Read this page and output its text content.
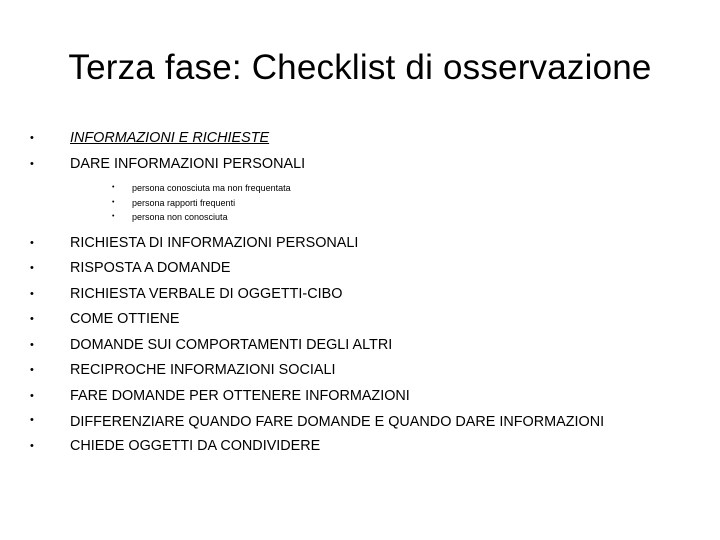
Terza fase: Checklist di osservazione
•	INFORMAZIONI E RICHIESTE
•	DARE INFORMAZIONI PERSONALI
• persona conosciuta ma non frequentata
• persona rapporti frequenti
• persona non conosciuta
•	RICHIESTA DI INFORMAZIONI PERSONALI
•	RISPOSTA A DOMANDE
•	RICHIESTA VERBALE DI OGGETTI-CIBO
•	COME OTTIENE
•	DOMANDE SUI COMPORTAMENTI DEGLI ALTRI
•	RECIPROCHE INFORMAZIONI SOCIALI
•	FARE DOMANDE PER OTTENERE INFORMAZIONI
•	DIFFERENZIARE QUANDO FARE DOMANDE E QUANDO DARE INFORMAZIONI
•	CHIEDE OGGETTI DA CONDIVIDERE
